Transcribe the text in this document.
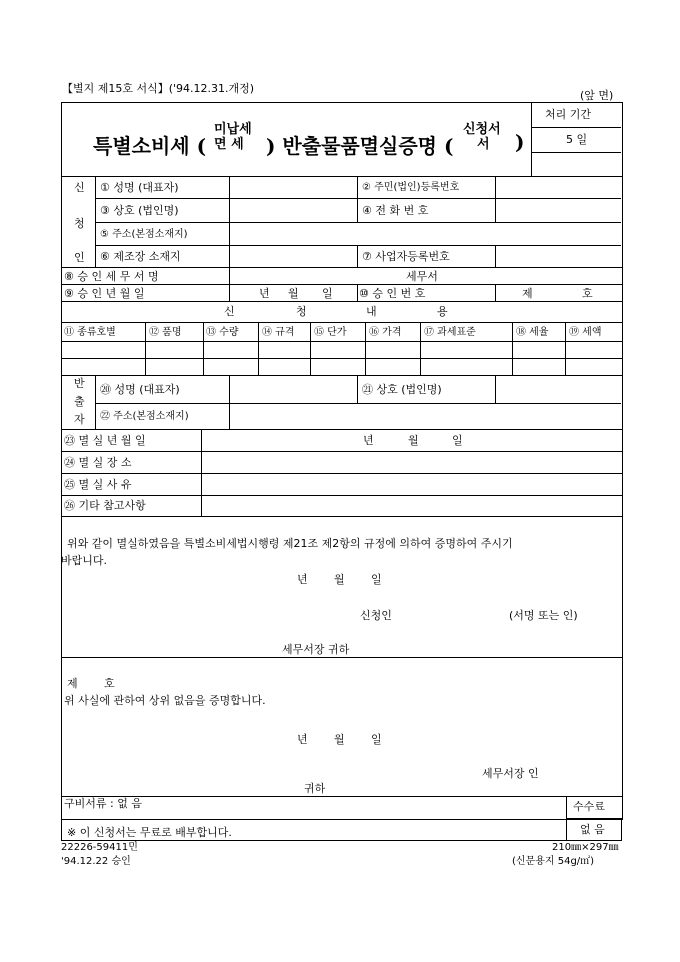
【별지 제15호 서식】('94.12.31.개정)
(앞 면)
처리 기간
5 일
특별소비세 (
미납세
면 세 ) 반출물품멸실증명 (
신청서
서 )
신
청
인
① 성명 (대표자)	② 주민(법인)등록번호
③ 상호 (법인명)	④ 전 화 번 호
⑤ 주소(본점소재지)
⑥ 제조장 소재지	⑦ 사업자등록번호
⑧ 승 인 세 무 서 명	세무서
⑨ 승 인 년 월 일	년 월 일 ⑩ 승 인 번 호	제	호
신	청	내	용
⑪ 종류호별	⑫ 품명 ⑬ 수량 ⑭ 규격 ⑮ 단가 ⑯ 가격 ⑰ 과세표준	⑱ 세율 ⑲ 세액
반
출
자
⑳ 성명 (대표자)	㉑ 상호 (법인명)
㉒ 주소(본점소재지)
㉓ 멸 실 년 월 일	년	월	일
㉔ 멸 실 장 소
㉕ 멸 실 사 유
㉖ 기타 참고사항
위와 같이 멸실하였음을 특별소비세법시행령 제21조 제2항의 규정에 의하여 증명하여 주시기
바랍니다.
년 월 일
신청인	(서명 또는 인)
세무서장 귀하
제 호
위 사실에 관하여 상위 없음을 증명합니다.
년 월 일
세무서장 인
귀하
구비서류 : 없 음	수수료
없 음
※ 이 신청서는 무료로 배부합니다.
22226-59411민
'94.12.22 승인
210㎜×297㎜
(신문용지 54g/㎡)
